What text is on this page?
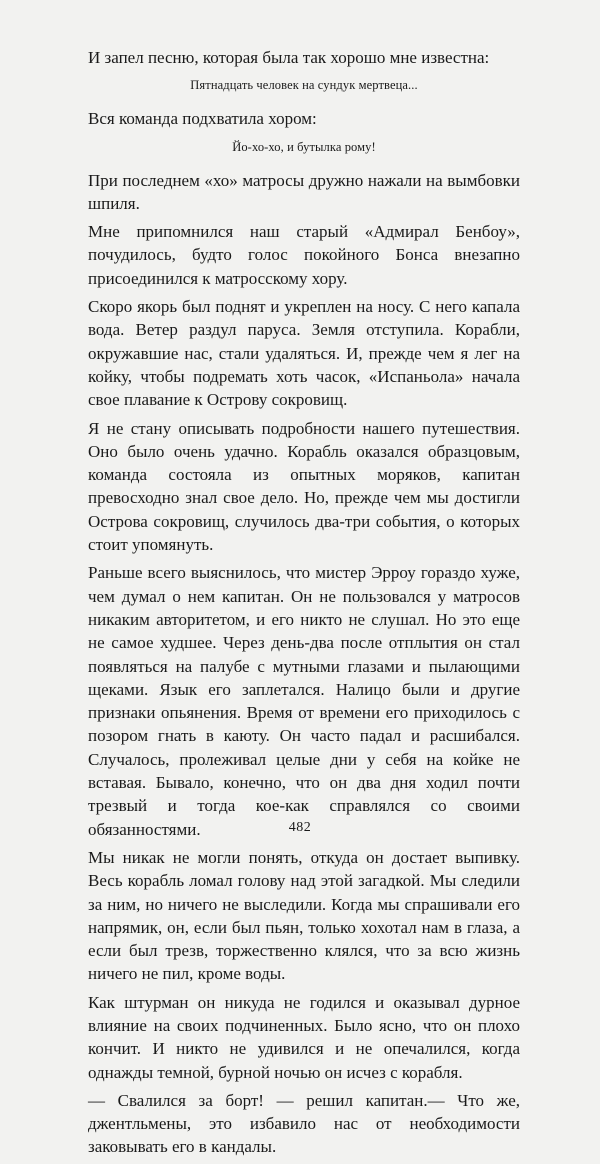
И запел песню, которая была так хорошо мне известна:

Пятнадцать человек на сундук мертвеца...

Вся команда подхватила хором:

Йо-хо-хо, и бутылка рому!

При последнем «хо» матросы дружно нажали на вымбовки шпиля.

Мне припомнился наш старый «Адмирал Бенбоу», почудилось, будто голос покойного Бонса внезапно присоединился к матросскому хору.

Скоро якорь был поднят и укреплен на носу. С него капала вода. Ветер раздул паруса. Земля отступила. Корабли, окружавшие нас, стали удаляться. И, прежде чем я лег на койку, чтобы подремать хоть часок, «Испаньола» начала свое плавание к Острову сокровищ.

Я не стану описывать подробности нашего путешествия. Оно было очень удачно. Корабль оказался образцовым, команда состояла из опытных моряков, капитан превосходно знал свое дело. Но, прежде чем мы достигли Острова сокровищ, случилось два-три события, о которых стоит упомянуть.

Раньше всего выяснилось, что мистер Эрроу гораздо хуже, чем думал о нем капитан. Он не пользовался у матросов никаким авторитетом, и его никто не слушал. Но это еще не самое худшее. Через день-два после отплытия он стал появляться на палубе с мутными глазами и пылающими щеками. Язык его заплетался. Налицо были и другие признаки опьянения. Время от времени его приходилось с позором гнать в каюту. Он часто падал и расшибался. Случалось, пролеживал целые дни у себя на койке не вставая. Бывало, конечно, что он два дня ходил почти трезвый и тогда кое-как справлялся со своими обязанностями.

Мы никак не могли понять, откуда он достает выпивку. Весь корабль ломал голову над этой загадкой. Мы следили за ним, но ничего не выследили. Когда мы спрашивали его напрямик, он, если был пьян, только хохотал нам в глаза, а если был трезв, торжественно клялся, что за всю жизнь ничего не пил, кроме воды.

Как штурман он никуда не годился и оказывал дурное влияние на своих подчиненных. Было ясно, что он плохо кончит. И никто не удивился и не опечалился, когда однажды темной, бурной ночью он исчез с корабля.

— Свалился за борт! — решил капитан.— Что же, джентльмены, это избавило нас от необходимости заковывать его в кандалы.

482
